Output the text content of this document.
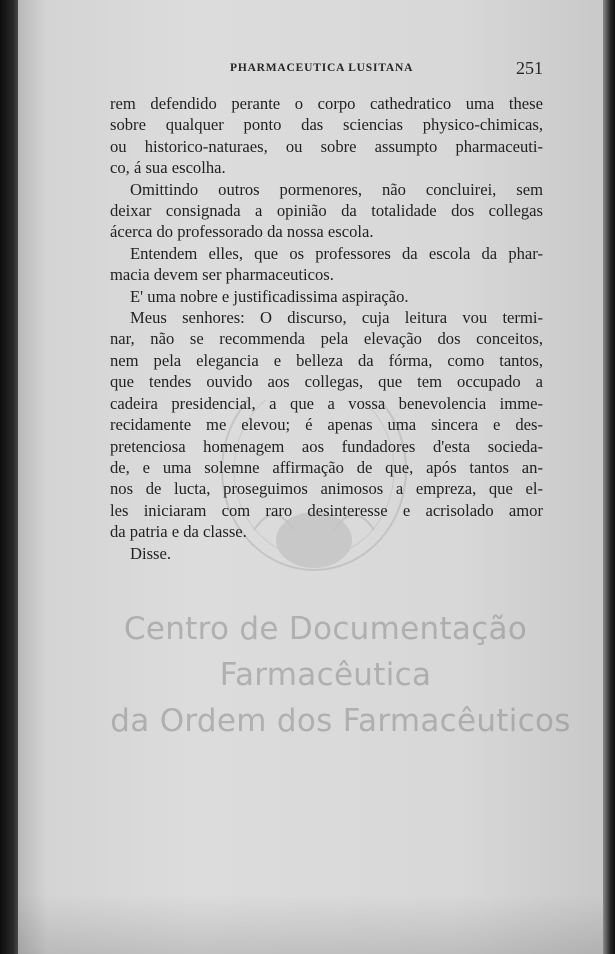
PHARMACEUTICA LUSITANA	251
rem defendido perante o corpo cathedratico uma these
sobre qualquer ponto das sciencias physico-chimicas,
ou historico-naturaes, ou sobre assumpto pharmaceuti-
co, á sua escolha.
Omittindo outros pormenores, não concluirei, sem
deixar consignada a opinião da totalidade dos collegas
ácerca do professorado da nossa escola.
Entendem elles, que os professores da escola da phar-
macia devem ser pharmaceuticos.
E' uma nobre e justificadissima aspiração.
Meus senhores: O discurso, cuja leitura vou termi-
nar, não se recommenda pela elevação dos conceitos,
nem pela elegancia e belleza da fórma, como tantos,
que tendes ouvido aos collegas, que tem occupado a
cadeira presidencial, a que a vossa benevolencia imme-
recidamente me elevou; é apenas uma sincera e des-
pretenciosa homenagem aos fundadores d'esta socieda-
de, e uma solemne affirmação de que, após tantos an-
nos de lucta, proseguimos animosos a empreza, que el-
les iniciaram com raro desinteresse e acrisolado amor
da patria e da classe.
Disse.
Centro de Documentação Farmacêutica
da Ordem dos Farmacêuticos
